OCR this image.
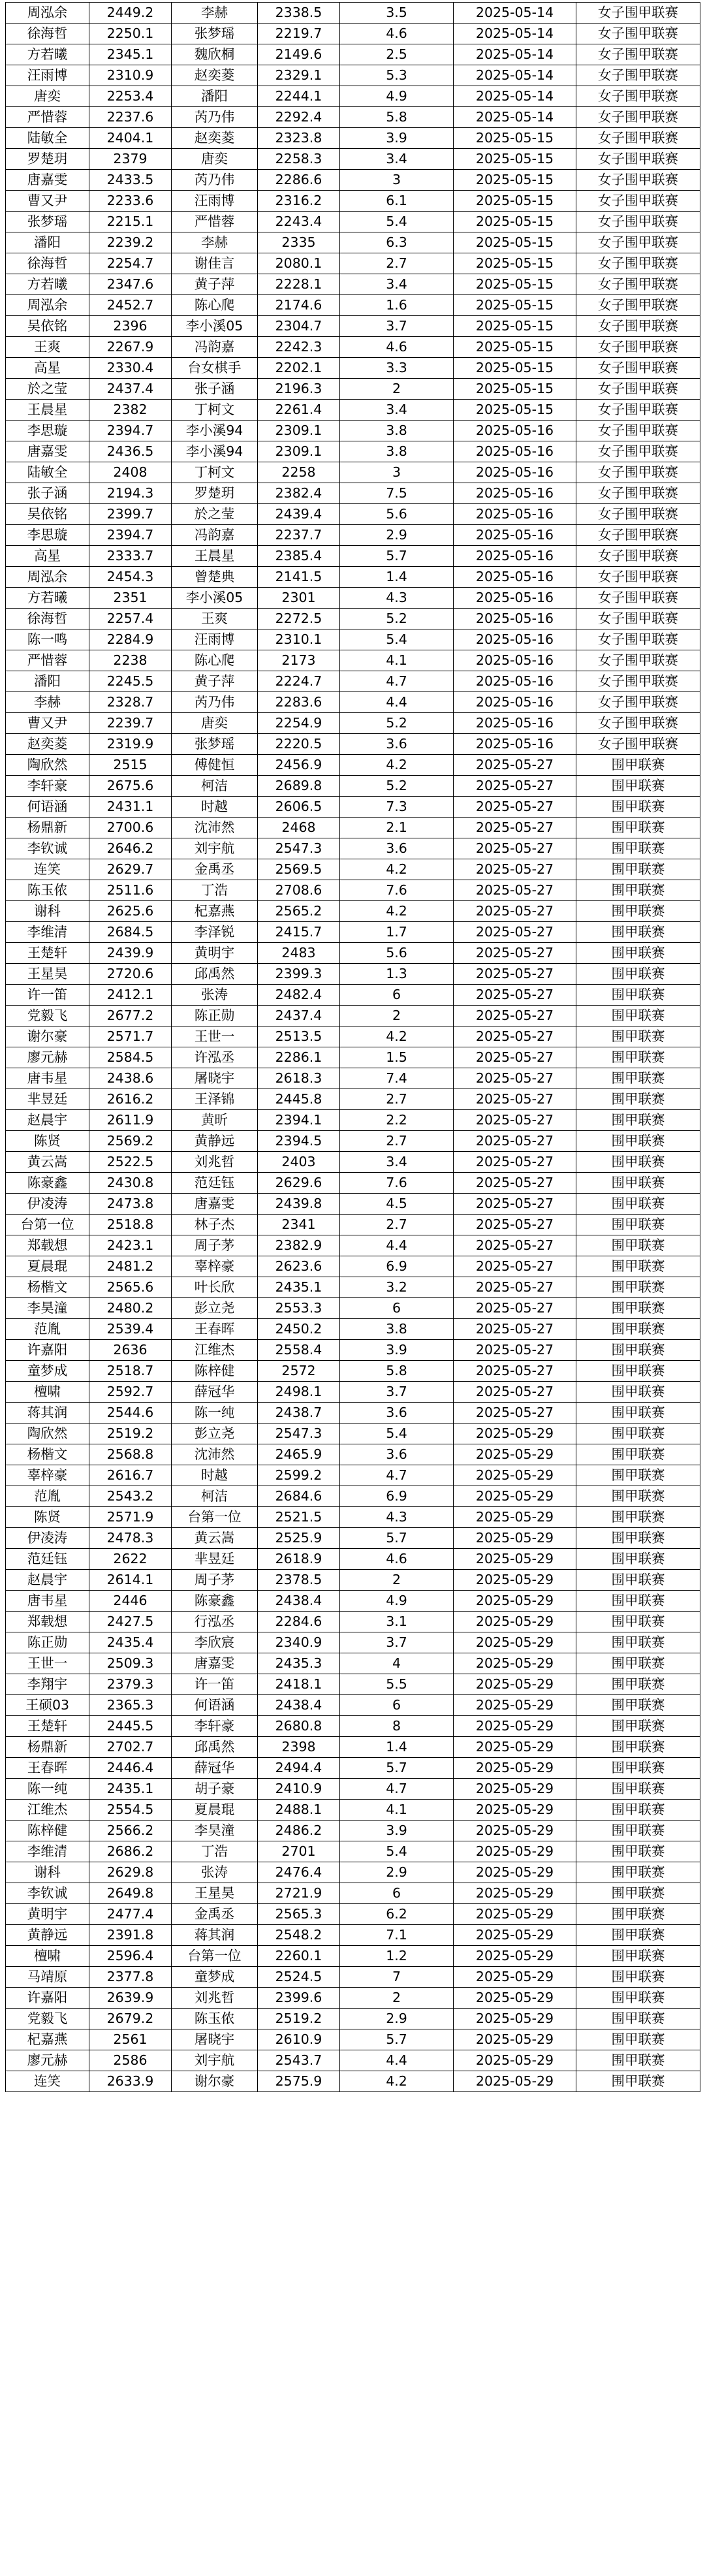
周泓余	2449.2	李赫	2338.5	3.5	2025-05-14	女子围甲联赛
徐海哲	2250.1	张梦瑶	2219.7	4.6	2025-05-14	女子围甲联赛
方若曦	2345.1	魏欣桐	2149.6	2.5	2025-05-14	女子围甲联赛
汪雨博	2310.9	赵奕菱	2329.1	5.3	2025-05-14	女子围甲联赛
唐奕	2253.4	潘阳	2244.1	4.9	2025-05-14	女子围甲联赛
严惜蓉	2237.6	芮乃伟	2292.4	5.8	2025-05-14	女子围甲联赛
陆敏全	2404.1	赵奕菱	2323.8	3.9	2025-05-15	女子围甲联赛
罗楚玥	2379	唐奕	2258.3	3.4	2025-05-15	女子围甲联赛
唐嘉雯	2433.5	芮乃伟	2286.6	3	2025-05-15	女子围甲联赛
曹又尹	2233.6	汪雨博	2316.2	6.1	2025-05-15	女子围甲联赛
张梦瑶	2215.1	严惜蓉	2243.4	5.4	2025-05-15	女子围甲联赛
潘阳	2239.2	李赫	2335	6.3	2025-05-15	女子围甲联赛
徐海哲	2254.7	谢佳言	2080.1	2.7	2025-05-15	女子围甲联赛
方若曦	2347.6	黄子萍	2228.1	3.4	2025-05-15	女子围甲联赛
周泓余	2452.7	陈心爬	2174.6	1.6	2025-05-15	女子围甲联赛
吴依铭	2396	李小溪05	2304.7	3.7	2025-05-15	女子围甲联赛
王爽	2267.9	冯韵嘉	2242.3	4.6	2025-05-15	女子围甲联赛
高星	2330.4	台女棋手	2202.1	3.3	2025-05-15	女子围甲联赛
於之莹	2437.4	张子涵	2196.3	2	2025-05-15	女子围甲联赛
王晨星	2382	丁柯文	2261.4	3.4	2025-05-15	女子围甲联赛
李思璇	2394.7	李小溪94	2309.1	3.8	2025-05-16	女子围甲联赛
唐嘉雯	2436.5	李小溪94	2309.1	3.8	2025-05-16	女子围甲联赛
陆敏全	2408	丁柯文	2258	3	2025-05-16	女子围甲联赛
张子涵	2194.3	罗楚玥	2382.4	7.5	2025-05-16	女子围甲联赛
吴依铭	2399.7	於之莹	2439.4	5.6	2025-05-16	女子围甲联赛
李思璇	2394.7	冯韵嘉	2237.7	2.9	2025-05-16	女子围甲联赛
高星	2333.7	王晨星	2385.4	5.7	2025-05-16	女子围甲联赛
周泓余	2454.3	曾楚典	2141.5	1.4	2025-05-16	女子围甲联赛
方若曦	2351	李小溪05	2301	4.3	2025-05-16	女子围甲联赛
徐海哲	2257.4	王爽	2272.5	5.2	2025-05-16	女子围甲联赛
陈一鸣	2284.9	汪雨博	2310.1	5.4	2025-05-16	女子围甲联赛
严惜蓉	2238	陈心爬	2173	4.1	2025-05-16	女子围甲联赛
潘阳	2245.5	黄子萍	2224.7	4.7	2025-05-16	女子围甲联赛
李赫	2328.7	芮乃伟	2283.6	4.4	2025-05-16	女子围甲联赛
曹又尹	2239.7	唐奕	2254.9	5.2	2025-05-16	女子围甲联赛
赵奕菱	2319.9	张梦瑶	2220.5	3.6	2025-05-16	女子围甲联赛
陶欣然	2515	傅健恒	2456.9	4.2	2025-05-27	围甲联赛
李轩豪	2675.6	柯洁	2689.8	5.2	2025-05-27	围甲联赛
何语涵	2431.1	时越	2606.5	7.3	2025-05-27	围甲联赛
杨鼎新	2700.6	沈沛然	2468	2.1	2025-05-27	围甲联赛
李钦诚	2646.2	刘宇航	2547.3	3.6	2025-05-27	围甲联赛
连笑	2629.7	金禹丞	2569.5	4.2	2025-05-27	围甲联赛
陈玉侬	2511.6	丁浩	2708.6	7.6	2025-05-27	围甲联赛
谢科	2625.6	杞嘉燕	2565.2	4.2	2025-05-27	围甲联赛
李维清	2684.5	李泽锐	2415.7	1.7	2025-05-27	围甲联赛
王楚轩	2439.9	黄明宇	2483	5.6	2025-05-27	围甲联赛
王星昊	2720.6	邱禹然	2399.3	1.3	2025-05-27	围甲联赛
许一笛	2412.1	张涛	2482.4	6	2025-05-27	围甲联赛
党毅飞	2677.2	陈正勋	2437.4	2	2025-05-27	围甲联赛
谢尔豪	2571.7	王世一	2513.5	4.2	2025-05-27	围甲联赛
廖元赫	2584.5	许泓丞	2286.1	1.5	2025-05-27	围甲联赛
唐韦星	2438.6	屠晓宇	2618.3	7.4	2025-05-27	围甲联赛
芈昱廷	2616.2	王泽锦	2445.8	2.7	2025-05-27	围甲联赛
赵晨宇	2611.9	黄昕	2394.1	2.2	2025-05-27	围甲联赛
陈贤	2569.2	黄静远	2394.5	2.7	2025-05-27	围甲联赛
黄云嵩	2522.5	刘兆哲	2403	3.4	2025-05-27	围甲联赛
陈豪鑫	2430.8	范廷钰	2629.6	7.6	2025-05-27	围甲联赛
伊凌涛	2473.8	唐嘉雯	2439.8	4.5	2025-05-27	围甲联赛
台第一位	2518.8	林子杰	2341	2.7	2025-05-27	围甲联赛
郑载想	2423.1	周子茅	2382.9	4.4	2025-05-27	围甲联赛
夏晨琨	2481.2	辜梓豪	2623.6	6.9	2025-05-27	围甲联赛
杨楷文	2565.6	叶长欣	2435.1	3.2	2025-05-27	围甲联赛
李昊潼	2480.2	彭立尧	2553.3	6	2025-05-27	围甲联赛
范胤	2539.4	王春晖	2450.2	3.8	2025-05-27	围甲联赛
许嘉阳	2636	江维杰	2558.4	3.9	2025-05-27	围甲联赛
童梦成	2518.7	陈梓健	2572	5.8	2025-05-27	围甲联赛
檀啸	2592.7	薛冠华	2498.1	3.7	2025-05-27	围甲联赛
蒋其润	2544.6	陈一纯	2438.7	3.6	2025-05-27	围甲联赛
陶欣然	2519.2	彭立尧	2547.3	5.4	2025-05-29	围甲联赛
杨楷文	2568.8	沈沛然	2465.9	3.6	2025-05-29	围甲联赛
辜梓豪	2616.7	时越	2599.2	4.7	2025-05-29	围甲联赛
范胤	2543.2	柯洁	2684.6	6.9	2025-05-29	围甲联赛
陈贤	2571.9	台第一位	2521.5	4.3	2025-05-29	围甲联赛
伊凌涛	2478.3	黄云嵩	2525.9	5.7	2025-05-29	围甲联赛
范廷钰	2622	芈昱廷	2618.9	4.6	2025-05-29	围甲联赛
赵晨宇	2614.1	周子茅	2378.5	2	2025-05-29	围甲联赛
唐韦星	2446	陈豪鑫	2438.4	4.9	2025-05-29	围甲联赛
郑载想	2427.5	行泓丞	2284.6	3.1	2025-05-29	围甲联赛
陈正勋	2435.4	李欣宸	2340.9	3.7	2025-05-29	围甲联赛
王世一	2509.3	唐嘉雯	2435.3	4	2025-05-29	围甲联赛
李翔宇	2379.3	许一笛	2418.1	5.5	2025-05-29	围甲联赛
王硕03	2365.3	何语涵	2438.4	6	2025-05-29	围甲联赛
王楚轩	2445.5	李轩豪	2680.8	8	2025-05-29	围甲联赛
杨鼎新	2702.7	邱禹然	2398	1.4	2025-05-29	围甲联赛
王春晖	2446.4	薛冠华	2494.4	5.7	2025-05-29	围甲联赛
陈一纯	2435.1	胡子豪	2410.9	4.7	2025-05-29	围甲联赛
江维杰	2554.5	夏晨琨	2488.1	4.1	2025-05-29	围甲联赛
陈梓健	2566.2	李昊潼	2486.2	3.9	2025-05-29	围甲联赛
李维清	2686.2	丁浩	2701	5.4	2025-05-29	围甲联赛
谢科	2629.8	张涛	2476.4	2.9	2025-05-29	围甲联赛
李钦诚	2649.8	王星昊	2721.9	6	2025-05-29	围甲联赛
黄明宇	2477.4	金禹丞	2565.3	6.2	2025-05-29	围甲联赛
黄静远	2391.8	蒋其润	2548.2	7.1	2025-05-29	围甲联赛
檀啸	2596.4	台第一位	2260.1	1.2	2025-05-29	围甲联赛
马靖原	2377.8	童梦成	2524.5	7	2025-05-29	围甲联赛
许嘉阳	2639.9	刘兆哲	2399.6	2	2025-05-29	围甲联赛
党毅飞	2679.2	陈玉侬	2519.2	2.9	2025-05-29	围甲联赛
杞嘉燕	2561	屠晓宇	2610.9	5.7	2025-05-29	围甲联赛
廖元赫	2586	刘宇航	2543.7	4.4	2025-05-29	围甲联赛
连笑	2633.9	谢尔豪	2575.9	4.2	2025-05-29	围甲联赛
